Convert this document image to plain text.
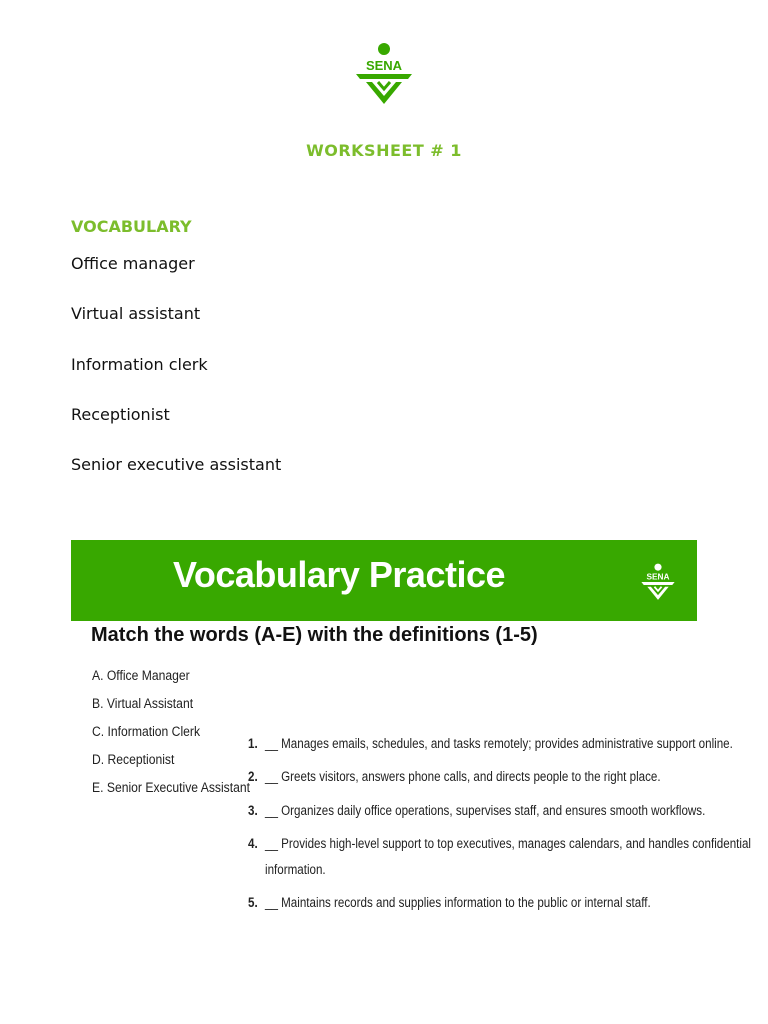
SENA
WORKSHEET # 1
VOCABULARY
Office manager
Virtual assistant
Information clerk
Receptionist
Senior executive assistant
Vocabulary Practice	SENA
Match the words (A-E) with the definitions (1-5)
A. Office Manager
B. Virtual Assistant
C. Information Clerk
D. Receptionist
E. Senior Executive Assistant
1. __ Manages emails, schedules, and tasks remotely; provides administrative support online.
2. __ Greets visitors, answers phone calls, and directs people to the right place.
3. __ Organizes daily office operations, supervises staff, and ensures smooth workflows.
4. __ Provides high-level support to top executives, manages calendars, and handles confidential
information.
5. __ Maintains records and supplies information to the public or internal staff.
